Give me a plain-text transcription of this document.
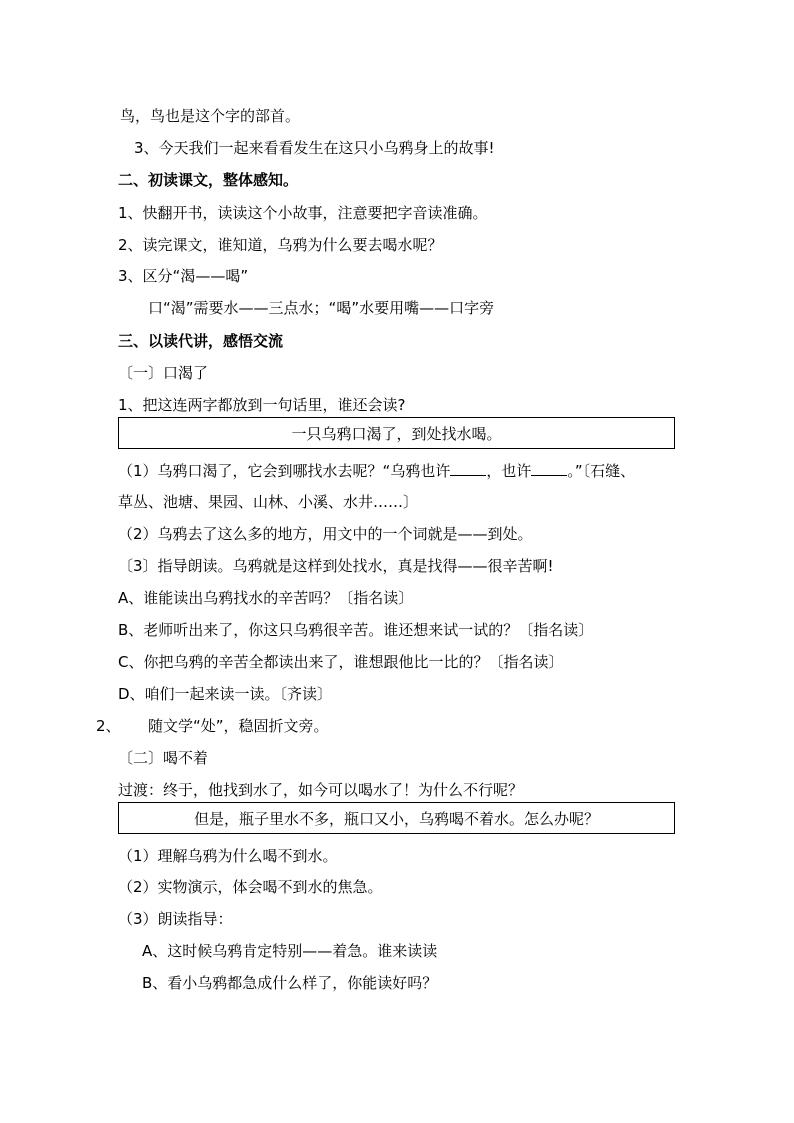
鸟，鸟也是这个字的部首。
3、今天我们一起来看看发生在这只小乌鸦身上的故事!
二、初读课文，整体感知。
1、快翻开书，读读这个小故事，注意要把字音读准确。
2、读完课文，谁知道，乌鸦为什么要去喝水呢？
3、区分“渴——喝”
口“渴”需要水——三点水；“喝”水要用嘴——口字旁
三、以读代讲，感悟交流
〔一〕口渴了
1、把这连两字都放到一句话里，谁还会读?
一只乌鸦口渴了，到处找水喝。
（1）乌鸦口渴了，它会到哪找水去呢？“乌鸦也许 ，也许 。”〔石缝、
草丛、池塘、果园、山林、小溪、水井……〕
（2）乌鸦去了这么多的地方，用文中的一个词就是——到处。
〔3〕指导朗读。乌鸦就是这样到处找水，真是找得——很辛苦啊!
A、谁能读出乌鸦找水的辛苦吗？〔指名读〕
B、老师听出来了，你这只乌鸦很辛苦。谁还想来试一试的？〔指名读〕
C、你把乌鸦的辛苦全都读出来了，谁想跟他比一比的？〔指名读〕
D、咱们一起来读一读。〔齐读〕
2、 随文学“处”，稳固折文旁。
〔二〕喝不着
过渡：终于，他找到水了，如今可以喝水了！为什么不行呢？
但是，瓶子里水不多，瓶口又小，乌鸦喝不着水。怎么办呢？
（1）理解乌鸦为什么喝不到水。
（2）实物演示，体会喝不到水的焦急。
（3）朗读指导：
A、这时候乌鸦肯定特别——着急。谁来读读
B、看小乌鸦都急成什么样了，你能读好吗？
